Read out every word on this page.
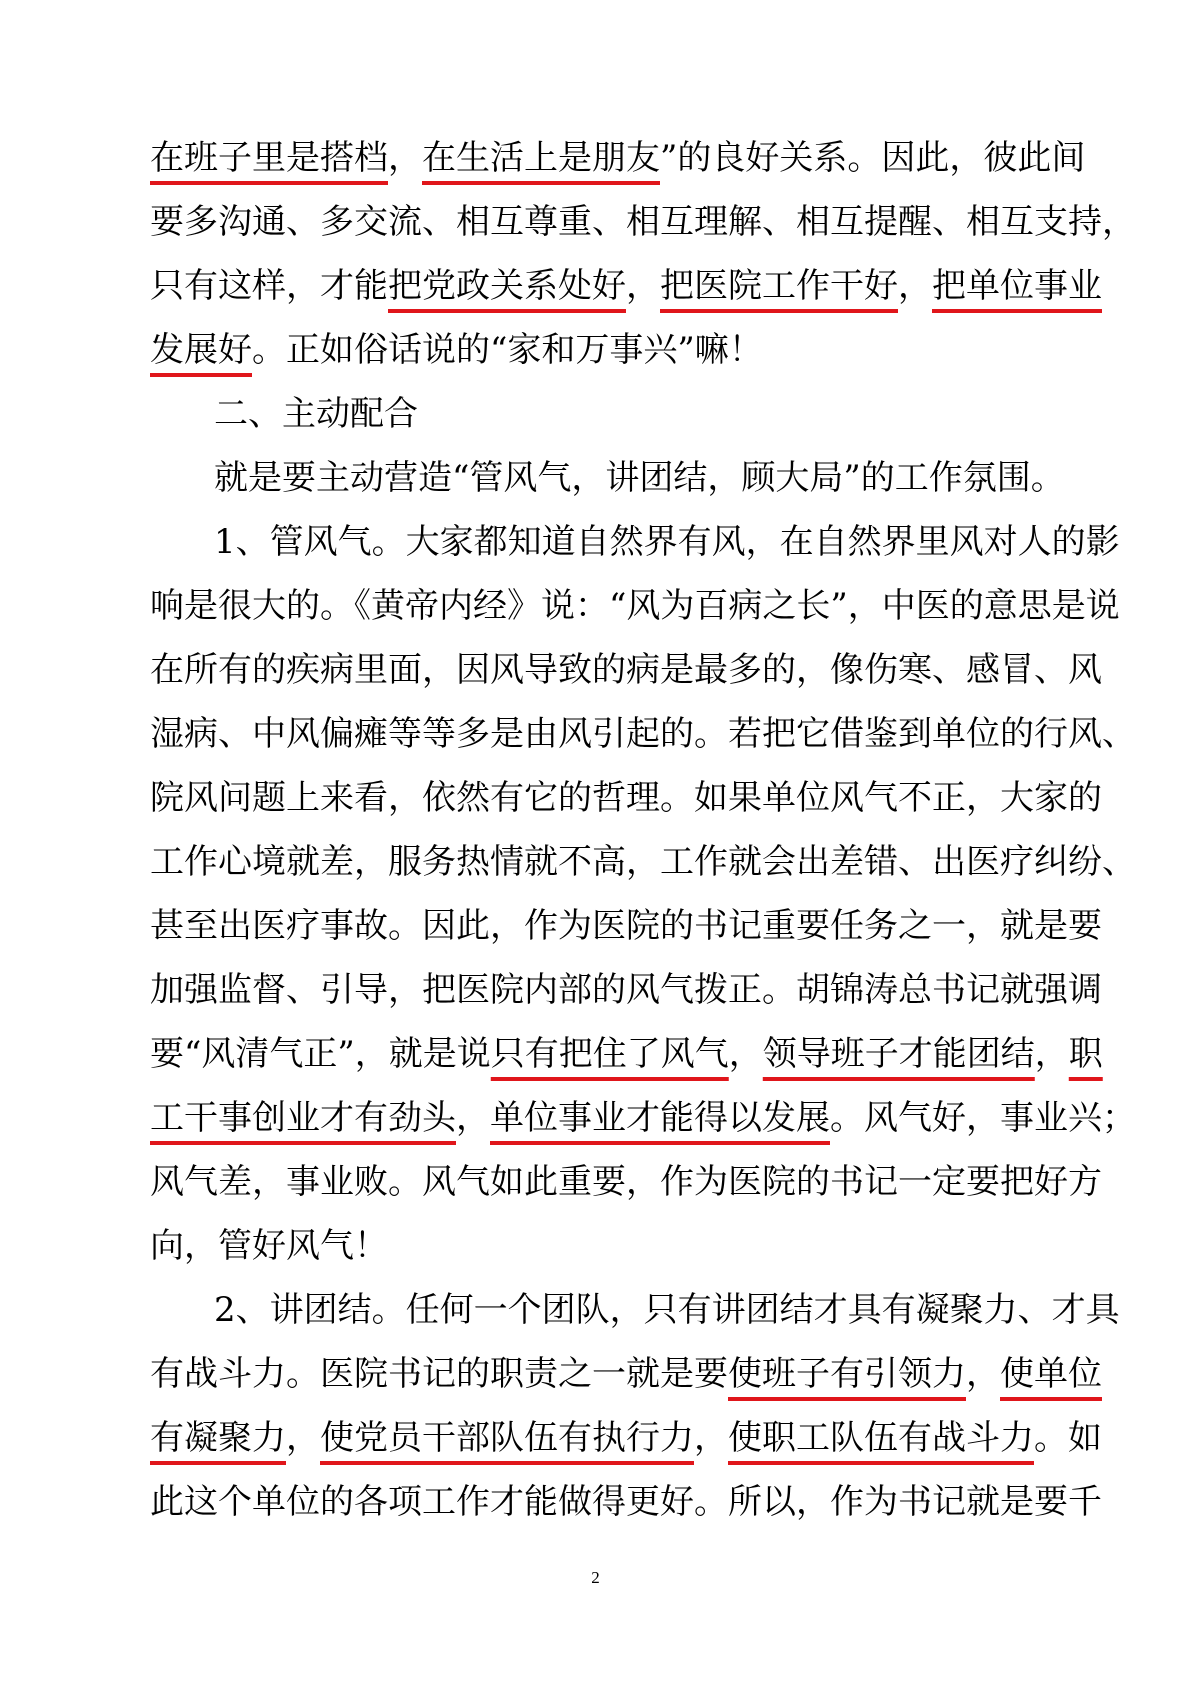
在班子里是搭档，在生活上是朋友”的良好关系。因此，彼此间
要多沟通、多交流、相互尊重、相互理解、相互提醒、相互支持，
只有这样，才能把党政关系处好，把医院工作干好，把单位事业
发展好。正如俗话说的“家和万事兴”嘛！
二、主动配合
就是要主动营造“管风气，讲团结，顾大局”的工作氛围。
1、管风气。大家都知道自然界有风，在自然界里风对人的影
响是很大的。《黄帝内经》说：“风为百病之长”，中医的意思是说
在所有的疾病里面，因风导致的病是最多的，像伤寒、感冒、风
湿病、中风偏瘫等等多是由风引起的。若把它借鉴到单位的行风、
院风问题上来看，依然有它的哲理。如果单位风气不正，大家的
工作心境就差，服务热情就不高，工作就会出差错、出医疗纠纷、
甚至出医疗事故。因此，作为医院的书记重要任务之一，就是要
加强监督、引导，把医院内部的风气拨正。胡锦涛总书记就强调
要“风清气正”，就是说只有把住了风气，领导班子才能团结，职
工干事创业才有劲头，单位事业才能得以发展。风气好，事业兴；
风气差，事业败。风气如此重要，作为医院的书记一定要把好方
向，管好风气！
2、讲团结。任何一个团队，只有讲团结才具有凝聚力、才具
有战斗力。医院书记的职责之一就是要使班子有引领力，使单位
有凝聚力，使党员干部队伍有执行力，使职工队伍有战斗力。如
此这个单位的各项工作才能做得更好。所以，作为书记就是要千
2
